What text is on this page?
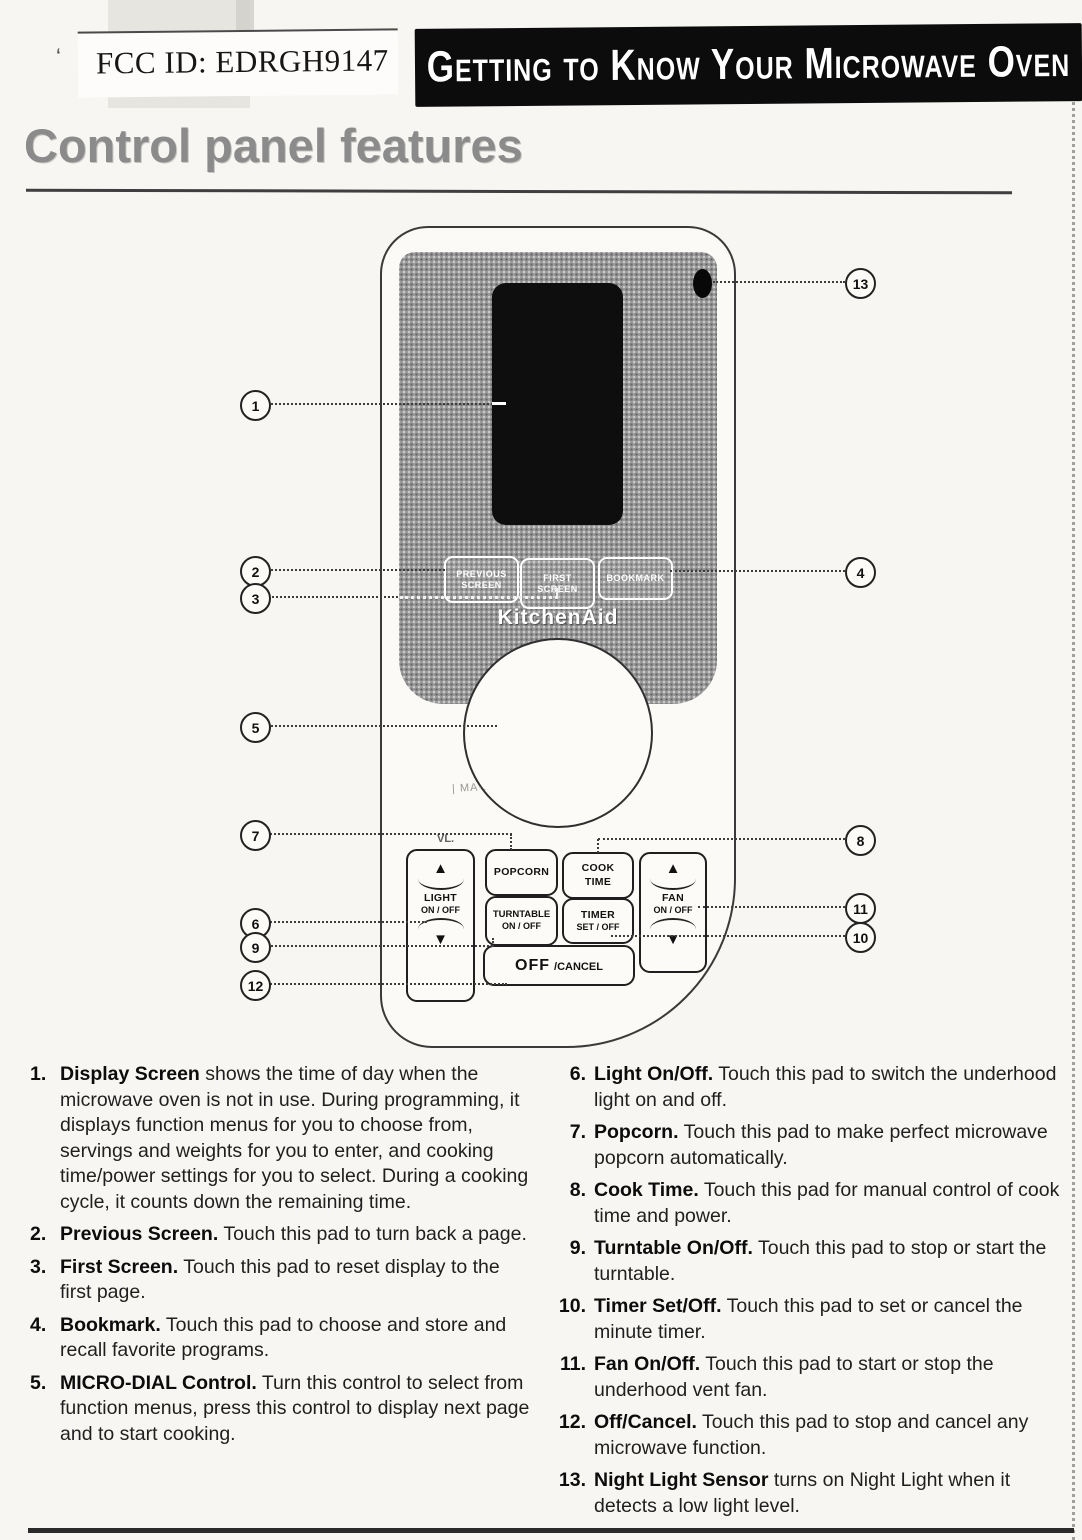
‘	FCC ID: EDRGH9147 Getting to Know Your Microwave Oven
Control panel features
PREVIOUS
SCREEN
FIRST
SCREEN
BOOKMARK
KitchenAid
| MA·.
VL.
▲
LIGHT
ON / OFF
▼
POPCORN	COOK
TIME
▲
FAN
ON / OFF
▼
TURNTABLE
ON / OFF
TIMER
SET / OFF
OFF /CANCEL
1
2
3
4
5
6
7	8
9
10
11
12
13
1. Display Screen shows the time of day when the microwave oven is not in use. During programming, it displays function menus for you to choose from, servings and weights for you to enter, and cooking time/power settings for you to select. During a cooking cycle, it counts down the remaining time.

2. Previous Screen. Touch this pad to turn back a page.

3. First Screen. Touch this pad to reset display to the first page.

4. Bookmark. Touch this pad to choose and store and recall favorite programs.

5. MICRO-DIAL Control. Turn this control to select from function menus, press this control to display next page and to start cooking.

6. Light On/Off. Touch this pad to switch the underhood light on and off.

7. Popcorn. Touch this pad to make perfect microwave popcorn automatically.

8. Cook Time. Touch this pad for manual control of cook time and power.

9. Turntable On/Off. Touch this pad to stop or start the turntable.

10. Timer Set/Off. Touch this pad to set or cancel the minute timer.

11. Fan On/Off. Touch this pad to start or stop the underhood vent fan.

12. Off/Cancel. Touch this pad to stop and cancel any microwave function.

13. Night Light Sensor turns on Night Light when it detects a low light level.
